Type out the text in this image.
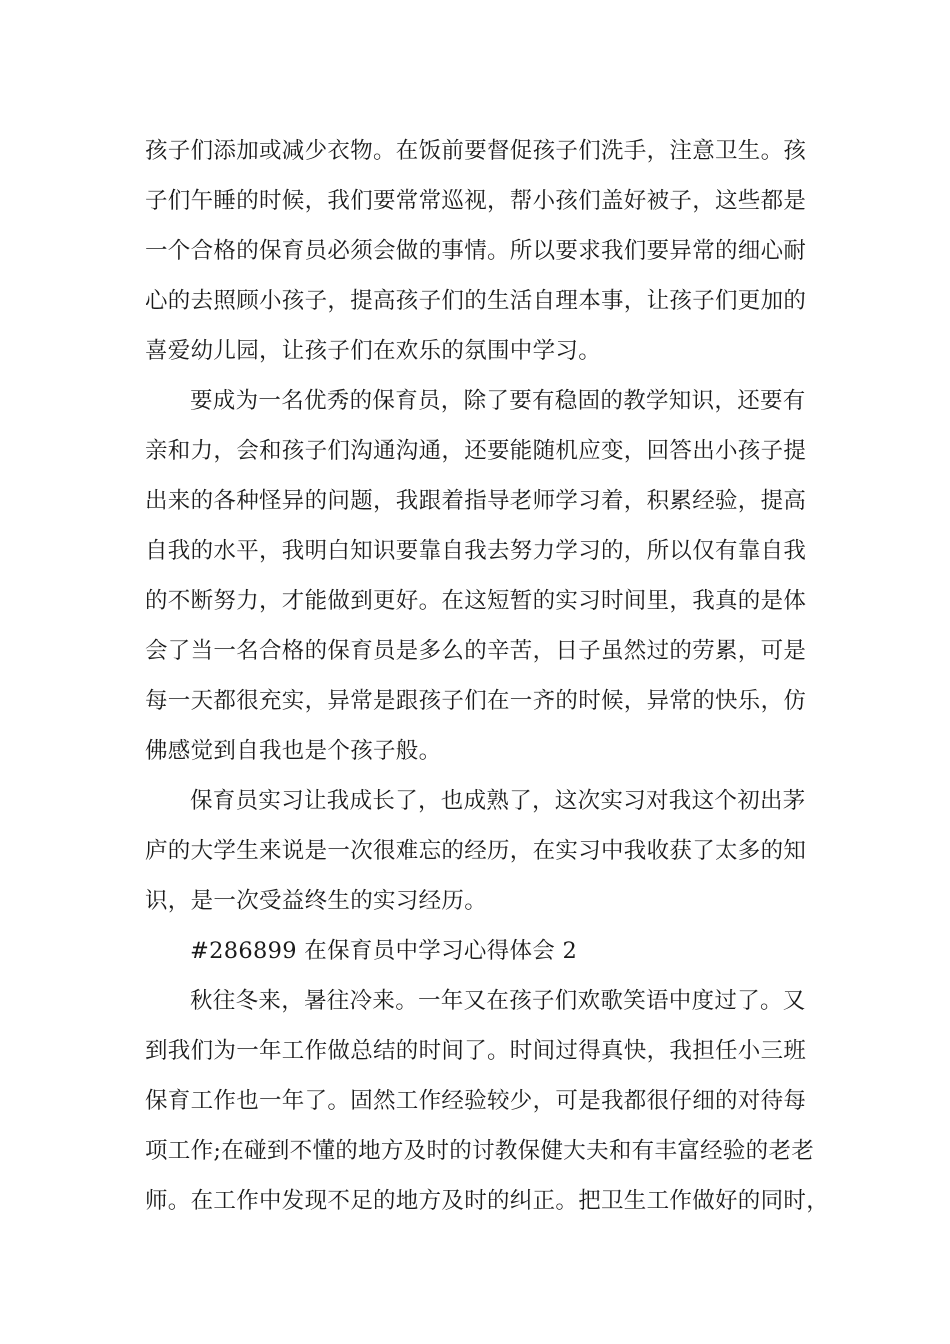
孩子们添加或减少衣物。在饭前要督促孩子们洗手，注意卫生。孩
子们午睡的时候，我们要常常巡视，帮小孩们盖好被子，这些都是
一个合格的保育员必须会做的事情。所以要求我们要异常的细心耐
心的去照顾小孩子，提高孩子们的生活自理本事，让孩子们更加的
喜爱幼儿园，让孩子们在欢乐的氛围中学习。
要成为一名优秀的保育员，除了要有稳固的教学知识，还要有
亲和力，会和孩子们沟通沟通，还要能随机应变，回答出小孩子提
出来的各种怪异的问题，我跟着指导老师学习着，积累经验，提高
自我的水平，我明白知识要靠自我去努力学习的，所以仅有靠自我
的不断努力，才能做到更好。在这短暂的实习时间里，我真的是体
会了当一名合格的保育员是多么的辛苦，日子虽然过的劳累，可是
每一天都很充实，异常是跟孩子们在一齐的时候，异常的快乐，仿
佛感觉到自我也是个孩子般。
保育员实习让我成长了，也成熟了，这次实习对我这个初出茅
庐的大学生来说是一次很难忘的经历，在实习中我收获了太多的知
识，是一次受益终生的实习经历。
#286899 在保育员中学习心得体会 2
秋往冬来，暑往冷来。一年又在孩子们欢歌笑语中度过了。又
到我们为一年工作做总结的时间了。时间过得真快，我担任小三班
保育工作也一年了。固然工作经验较少，可是我都很仔细的对待每
项工作;在碰到不懂的地方及时的讨教保健大夫和有丰富经验的老老
师。在工作中发现不足的地方及时的纠正。把卫生工作做好的同时，
